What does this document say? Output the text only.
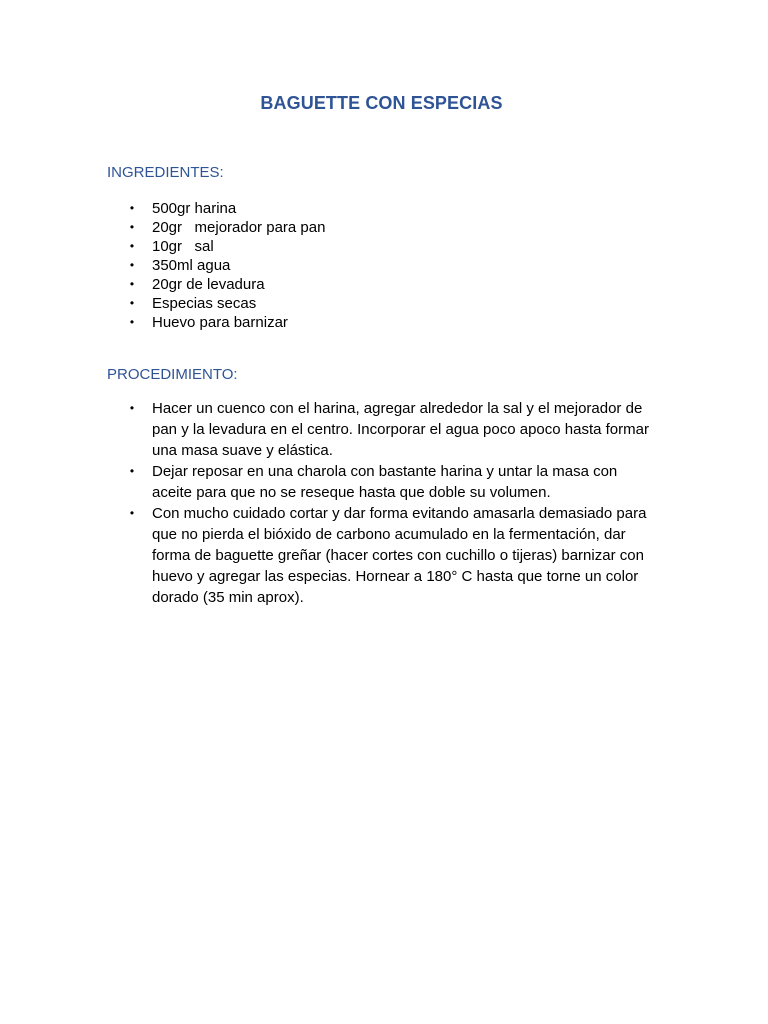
BAGUETTE CON ESPECIAS
INGREDIENTES:
• 500gr harina
• 20gr   mejorador para pan
• 10gr   sal
• 350ml agua
• 20gr de levadura
• Especias secas
• Huevo para barnizar
PROCEDIMIENTO:
• Hacer un cuenco con el harina, agregar alrededor la sal y el mejorador de pan y la levadura en el centro. Incorporar el agua poco apoco hasta formar una masa suave y elástica.
• Dejar reposar en una charola con bastante harina y untar la masa con aceite para que no se reseque hasta que doble su volumen.
• Con mucho cuidado cortar y dar forma evitando amasarla demasiado para que no pierda el bióxido de carbono acumulado en la fermentación, dar forma de baguette greñar (hacer cortes con cuchillo o tijeras) barnizar con huevo y agregar las especias. Hornear a 180° C hasta que torne un color dorado (35 min aprox).
